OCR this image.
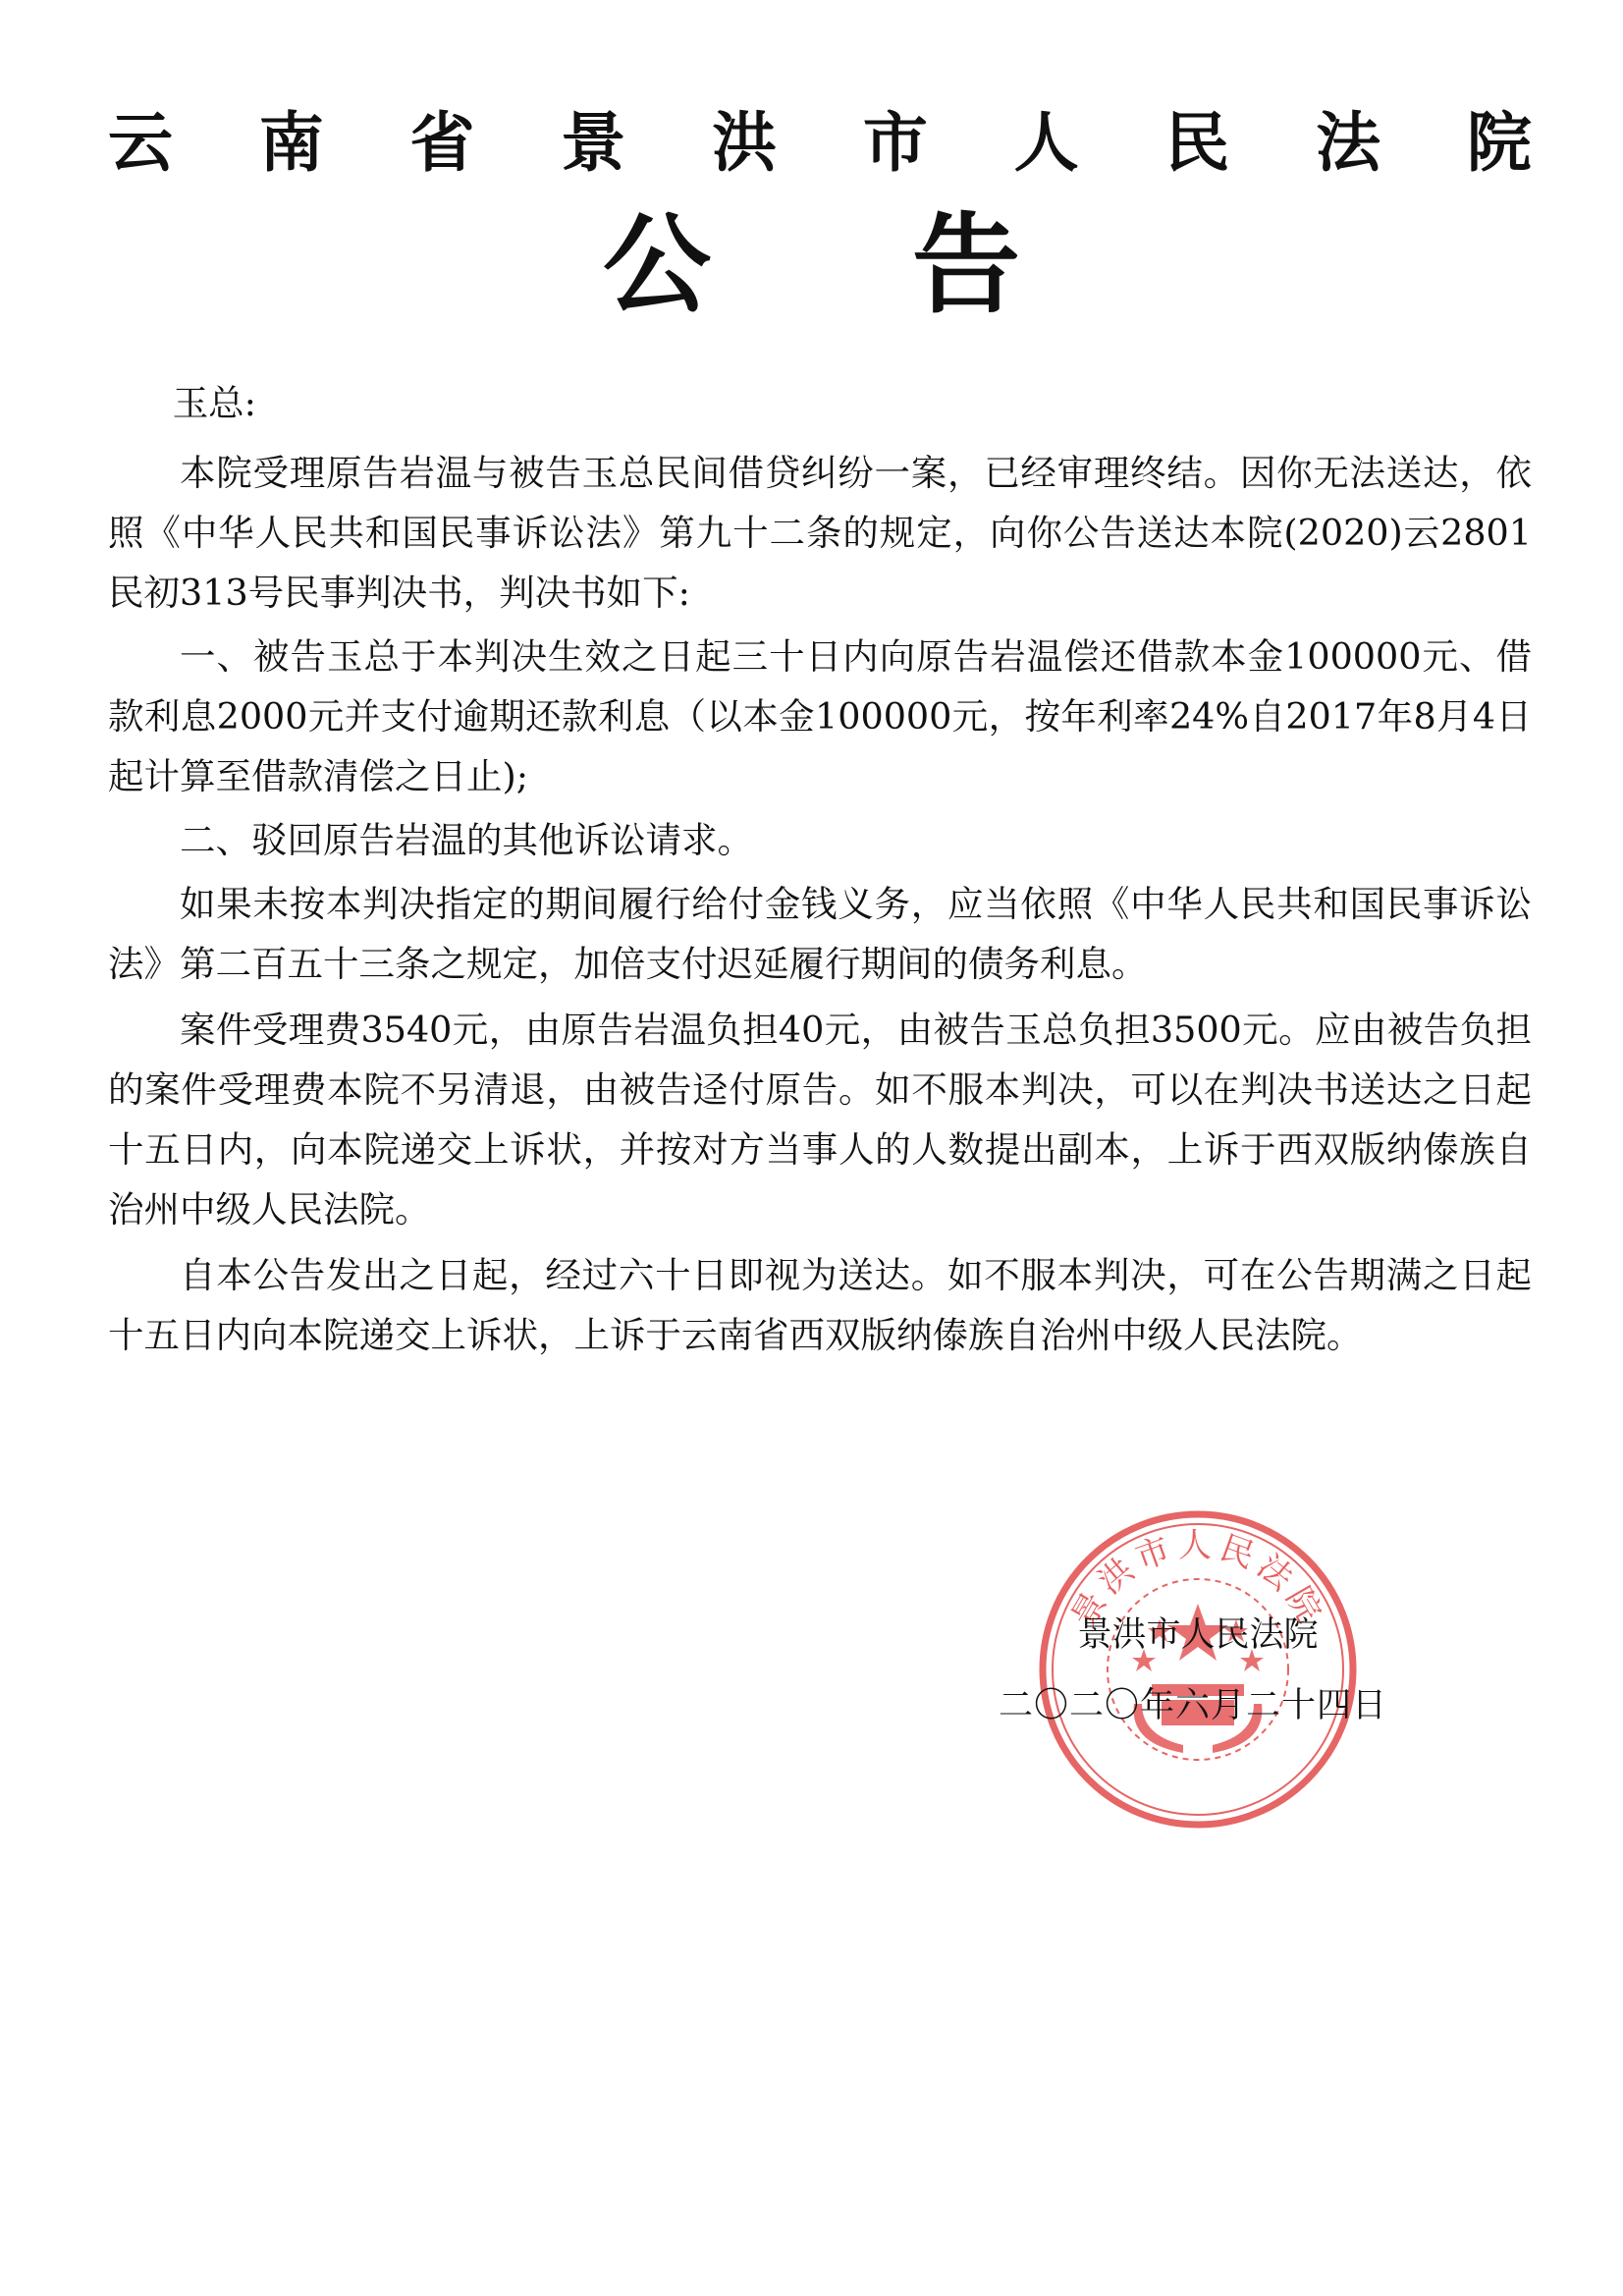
云 南 省 景 洪 市 人 民 法 院
公 告

玉总:

本院受理原告岩温与被告玉总民间借贷纠纷一案，已经审理终结。因你无法送达，依照《中华人民共和国民事诉讼法》第九十二条的规定，向你公告送达本院(2020)云2801民初313号民事判决书，判决书如下:

一、被告玉总于本判决生效之日起三十日内向原告岩温偿还借款本金100000元、借款利息2000元并支付逾期还款利息（以本金100000元，按年利率24%自2017年8月4日起计算至借款清偿之日止);

二、驳回原告岩温的其他诉讼请求。

如果未按本判决指定的期间履行给付金钱义务，应当依照《中华人民共和国民事诉讼法》第二百五十三条之规定，加倍支付迟延履行期间的债务利息。

案件受理费3540元，由原告岩温负担40元，由被告玉总负担3500元。应由被告负担的案件受理费本院不另清退，由被告迳付原告。如不服本判决，可以在判决书送达之日起十五日内，向本院递交上诉状，并按对方当事人的人数提出副本，上诉于西双版纳傣族自治州中级人民法院。

自本公告发出之日起，经过六十日即视为送达。如不服本判决，可在公告期满之日起十五日内向本院递交上诉状，上诉于云南省西双版纳傣族自治州中级人民法院。

景洪市人民法院
景洪市人民法院
二〇二〇年六月二十四日
